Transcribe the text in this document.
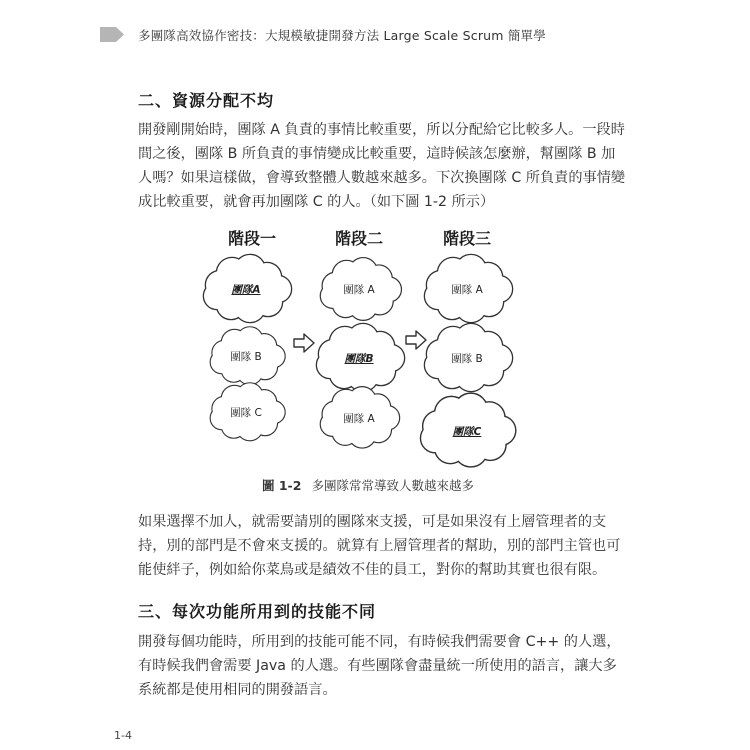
多團隊高效協作密技：大規模敏捷開發方法 Large Scale Scrum 簡單學
二、資源分配不均
開發剛開始時，團隊 A 負責的事情比較重要，所以分配給它比較多人。一段時
間之後，團隊 B 所負責的事情變成比較重要，這時候該怎麼辦，幫團隊 B 加
人嗎？如果這樣做，會導致整體人數越來越多。下次換團隊 C 所負責的事情變
成比較重要，就會再加團隊 C 的人。（如下圖 1-2 所示）
階段一	階段二	階段三
團隊A
團隊 B
團隊 C
團隊 A
團隊B
團隊 A
團隊 A
團隊 B
團隊C
圖 1-2 多團隊常常導致人數越來越多
如果選擇不加人，就需要請別的團隊來支援，可是如果沒有上層管理者的支
持，別的部門是不會來支援的。就算有上層管理者的幫助，別的部門主管也可
能使絆子，例如給你菜鳥或是績效不佳的員工，對你的幫助其實也很有限。
三、每次功能所用到的技能不同
開發每個功能時，所用到的技能可能不同，有時候我們需要會 C++ 的人選，
有時候我們會需要 Java 的人選。有些團隊會盡量統一所使用的語言，讓大多
系統都是使用相同的開發語言。
1-4
